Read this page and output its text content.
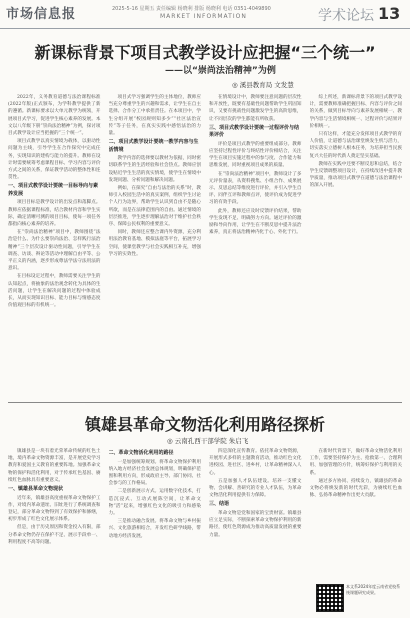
市场信息报	2025-5-16 星期五 责任编辑 杨晓利 排版 杨晓利 电话 0351-4049890
MARKET INFORMATION	学术论坛 13
新课标背景下项目式教学设计应把握“三个统一”
——以“崇尚法治精神”为例
◎ 溪县教育局 文发慧
2022年，义务教育道德与法治课程标准(2022年版)正式颁布，为学科教学提供了新的遵循。新课标要求以大单元教学为统领，开展项目式学习，促进学生核心素养的发展。本文以八年级下册“崇尚法治精神”为例，探讨项目式教学设计应当把握的“三个统一”。
项目式教学以真实情境为载体，以驱动性问题为主线，引导学生在合作探究中完成任务，实现知识的建构与能力的提升。教师在设计时需要统筹考虑课程目标、学习内容与评价方式之间的关系，保证教学活动的整体性和连贯性。
一、项目式教学设计要统一目标导向与素养发展
项目目标是教学设计的出发点和落脚点。教师应依据课程标准，结合教材内容和学生实际，确定清晰可测的项目目标，使每一项任务都指向核心素养的培养。
在“崇尚法治精神”项目中，教师围绕“法治是什么、为什么要崇尚法治、怎样践行法治精神”三个层次设计驱动性问题，引导学生在调查、访谈、辩论等活动中理解自由平等、公平正义的内涵，逐步形成尊法学法守法用法的意识。
在目标设定过程中，教师需要关注学生的认知起点，将抽象的法治观念转化为具体的生活问题，让学生在解决问题的过程中体验成长，从而实现知识目标、能力目标与情感态度价值观目标的有机统一。
项目式学习强调学生的主体地位，教师应当充分尊重学生的兴趣和需求，让学生在自主选择、合作分工中承担责任。在本项目中，学生分组开展“校园规则知多少”“社区法治宣传”等子任务，在真实实践中感悟法治的力量。
二、项目式教学设计要统一教学内容与生活情境
教学内容的选择要以教材为依据，同时密切联系学生的生活经验和社会热点。教师应创设贴近学生生活的真实情境，使学生在情境中发现问题、分析问题和解决问题。
例如，在探究“自由与法治的关系”时，教师引入校园生活中的真实案例，组织学生讨论个人行为边界，帮助学生认识到自由不是随心所欲，而是在法律范围内的自由。通过情境的层层推进，学生逐步理解法治对于维护社会秩序、保障公民权利的重要意义。
同时，教师还应整合课内外资源，充分利用法治教育基地、模拟法庭等平台，拓展学习空间，使课堂教学与社会实践相互补充，增强学习的实效性。
在情境设计中，教师要注意问题的层次性和开放性，既要有基础性问题帮助学生巩固知识，又要有挑战性问题激发学生的高阶思维，让不同层次的学生都能有所收获。
三、项目式教学设计要统一过程评价与结果评价
评价是项目式教学的重要组成部分。教师应坚持过程性评价与终结性评价相结合，关注学生在项目实施过程中的参与度、合作能力和思维发展，同时重视项目成果的质量。
在“崇尚法治精神”项目中，教师设计了多元评价量表，从资料搜集、小组合作、成果展示、反思总结等维度进行评价，并引入学生自评、同伴互评和教师点评，使评价成为促进学习的有效手段。
此外，教师还应及时反馈评价结果，帮助学生发现不足、明确努力方向。通过评价的激励和导向作用，让学生在不断反思中提升法治素养，真正将法治精神内化于心、外化于行。
综上所述，新课标背景下的项目式教学设计，需要教师准确把握目标、内容与评价之间的关系，做到目标导向与素养发展相统一、教学内容与生活情境相统一、过程评价与结果评价相统一。
只有这样，才能充分发挥项目式教学的育人价值，让道德与法治课堂焕发生机与活力，切实落实立德树人根本任务，为培养担当民族复兴大任的时代新人奠定坚实基础。
教师在实践中还要不断反思和总结，结合学生反馈调整项目设计，在持续改进中提升教学质量，推动项目式教学在道德与法治课程中的深入开展。
镇雄县革命文物活化利用路径探析
◎ 云南孔西干部学院 朱启飞
镇雄县是一块有着光荣革命传统的红色土地，境内革命文物资源丰富，是开展党史学习教育和爱国主义教育的重要阵地。加强革命文物的保护和活化利用，对于传承红色基因、赓续红色血脉具有重要意义。
一、镇雄县革命文物现状
近年来，镇雄县高度重视革命文物保护工作，对境内革命遗址、旧址进行了系统调查和登记，部分革命文物得到了有效保护和修缮，初步形成了红色文化展示体系。
但是，由于历史原因和资金投入有限，部分革命文物仍存在保护不足、展示手段单一、利用程度不高等问题。
二、革命文物活化利用的路径
一是加强统筹规划。将革命文物保护利用纳入地方经济社会发展总体规划，明确保护范围和利用方向，形成政府主导、部门协同、社会参与的工作格局。
二是创新展示方式。运用数字化技术，打造沉浸式、互动式展陈空间，让革命文物“活”起来，增强红色文化的吸引力和感染力。
三是推动融合发展。将革命文物与乡村振兴、文化旅游相结合，开发红色研学线路，带动地方经济发展。
四是深化宣传教育。依托革命文物资源，开展形式多样的主题教育活动，推动红色文化进校园、进社区、进乡村，让革命精神深入人心。
五是加强人才队伍建设。培养一支懂文物、会讲解、善研究的专业人才队伍，为革命文物活化利用提供有力保障。
三、结语
革命文物是党和国家的宝贵财富。镇雄县应立足实际，不断探索革命文物保护利用的新路径，使红色资源成为推动高质量发展的重要力量。
在新时代背景下，做好革命文物活化利用工作，需要坚持保护为主、抢救第一、合理利用、加强管理的方针，统筹好保护与利用的关系。
通过多方协同、持续发力，镇雄县的革命文物必将焕发新的时代光彩，为赓续红色血脉、弘扬革命精神作出更大贡献。
本文系2024年度云南省党校系统课题研究成果。
